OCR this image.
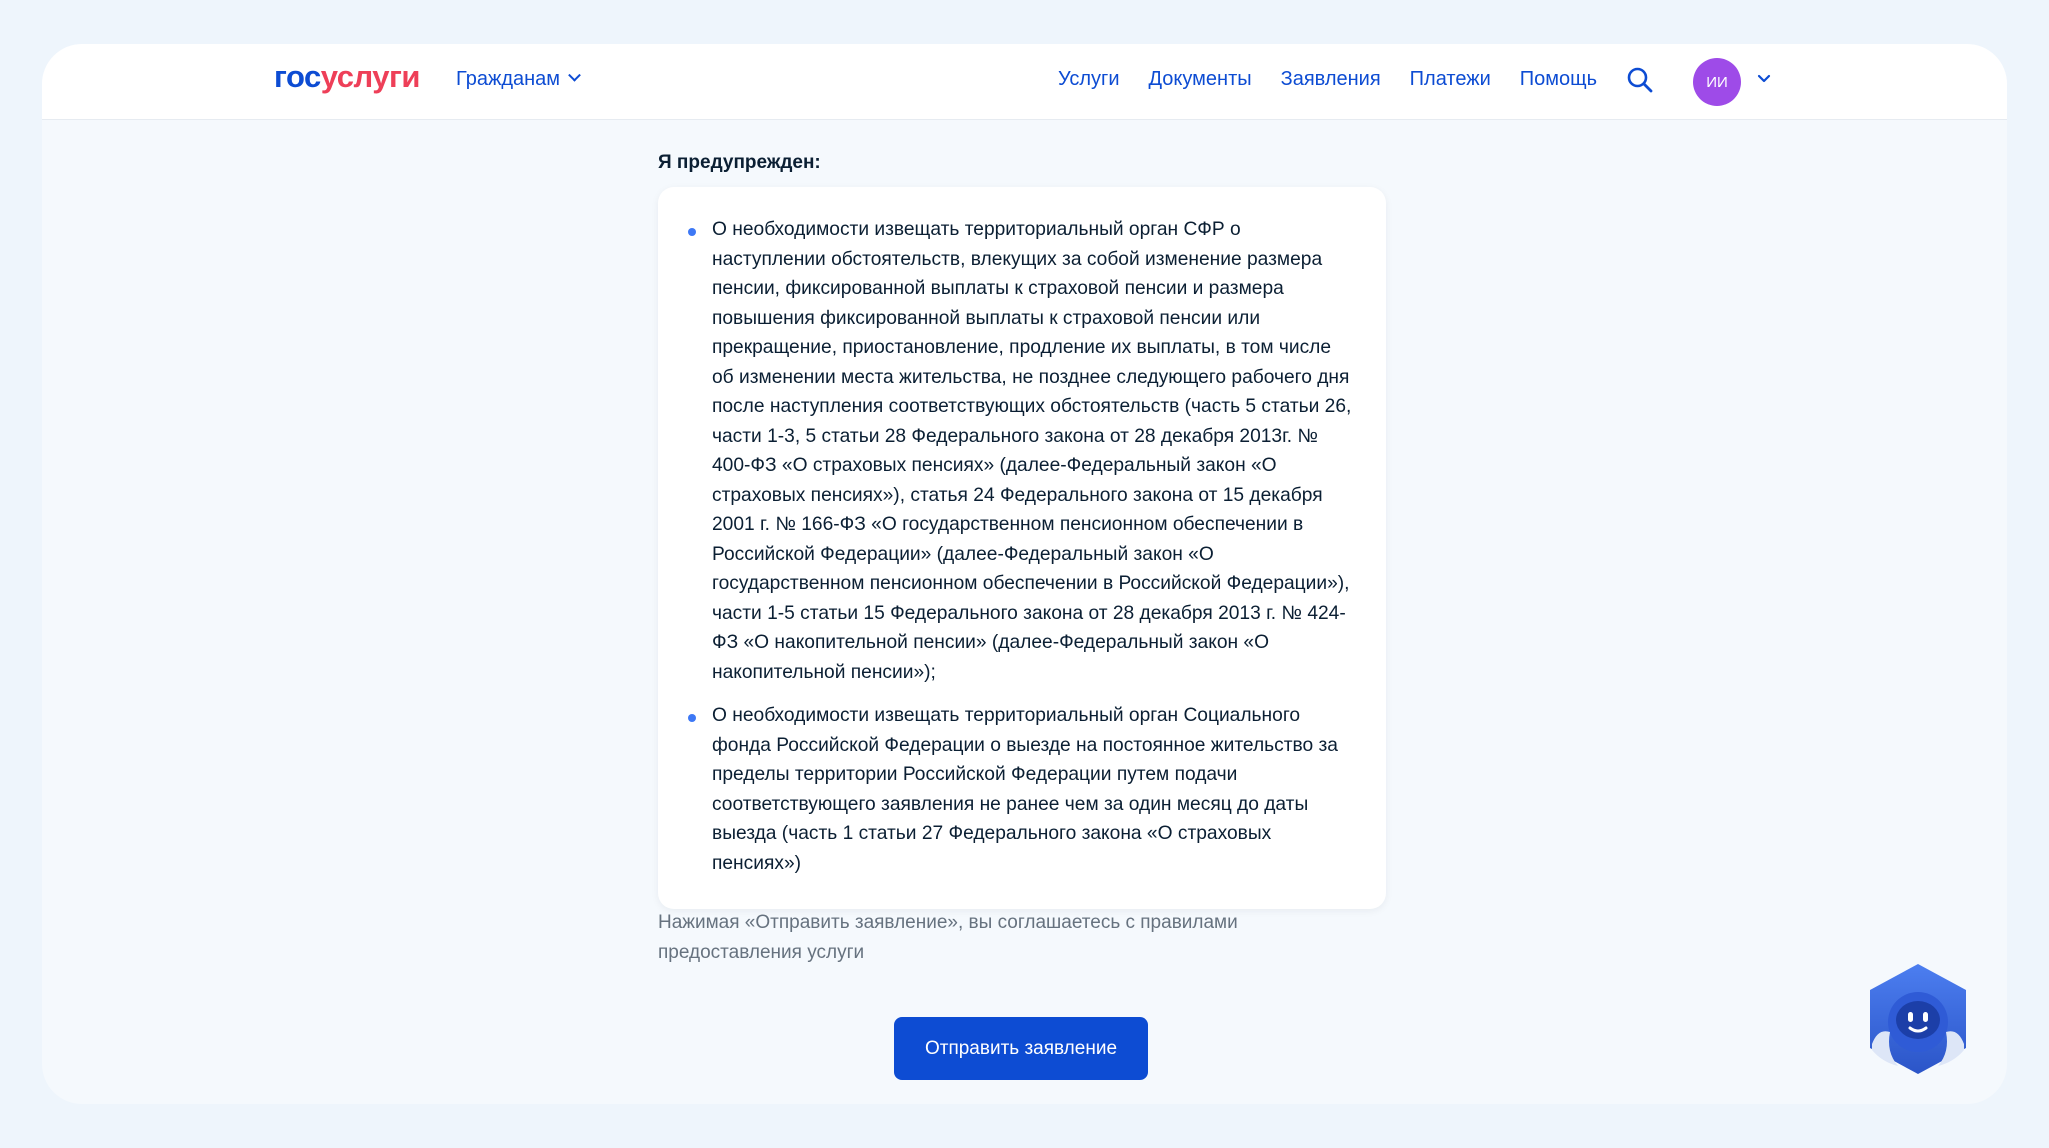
госуслуги Гражданам	Услуги Документы Заявления Платежи Помощь	ИИ
Я предупрежден:
О необходимости извещать территориальный орган СФР о наступлении обстоятельств, влекущих за собой изменение размера пенсии, фиксированной выплаты к страховой пенсии и размера повышения фиксированной выплаты к страховой пенсии или прекращение, приостановление, продление их выплаты, в том числе об изменении места жительства, не позднее следующего рабочего дня после наступления соответствующих обстоятельств (часть 5 статьи 26, части 1-3, 5 статьи 28 Федерального закона от 28 декабря 2013г. № 400-ФЗ «О страховых пенсиях» (далее-Федеральный закон «О страховых пенсиях»), статья 24 Федерального закона от 15 декабря 2001 г. № 166-ФЗ «О государственном пенсионном обеспечении в Российской Федерации» (далее-Федеральный закон «О государственном пенсионном обеспечении в Российской Федерации»), части 1-5 статьи 15 Федерального закона от 28 декабря 2013 г. № 424-ФЗ «О накопительной пенсии» (далее-Федеральный закон «О накопительной пенсии»);
О необходимости извещать территориальный орган Социального фонда Российской Федерации о выезде на постоянное жительство за пределы территории Российской Федерации путем подачи соответствующего заявления не ранее чем за один месяц до даты выезда (часть 1 статьи 27 Федерального закона «О страховых пенсиях»)
Нажимая «Отправить заявление», вы соглашаетесь с правилами предоставления услуги
Отправить заявление
